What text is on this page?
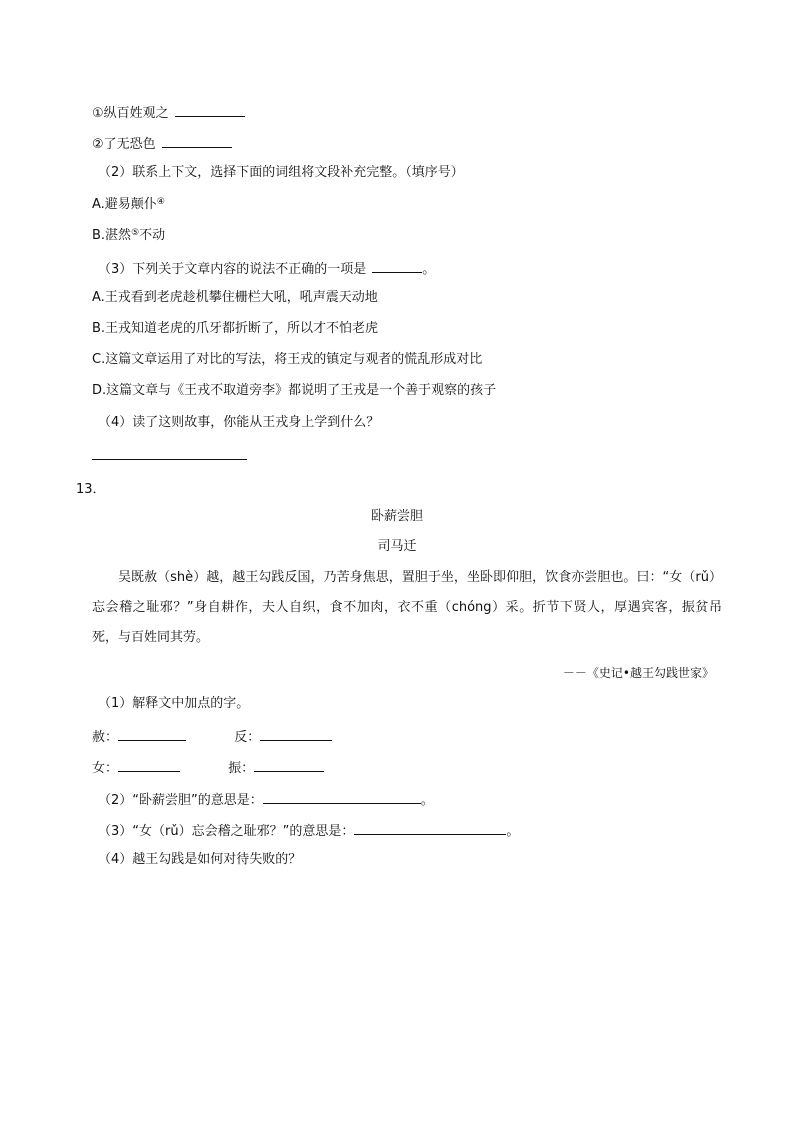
①纵百姓观之
②了无恐色
（2）联系上下文，选择下面的词组将文段补充完整。（填序号）
A.避易颠仆④
B.湛然⑤不动
（3）下列关于文章内容的说法不正确的一项是	。
A.王戎看到老虎趁机攀住栅栏大吼，吼声震天动地
B.王戎知道老虎的爪牙都折断了，所以才不怕老虎
C.这篇文章运用了对比的写法，将王戎的镇定与观者的慌乱形成对比
D.这篇文章与《王戎不取道旁李》都说明了王戎是一个善于观察的孩子
（4）读了这则故事，你能从王戎身上学到什么？
13．
卧薪尝胆
司马迁
吴既赦（shè）越，越王勾践反国，乃苦身焦思，置胆于坐，坐卧即仰胆，饮食亦尝胆也。曰：“女（rǔ）忘会稽之耻邪？”身自耕作，夫人自织，食不加肉，衣不重（chóng）采。折节下贤人，厚遇宾客，振贫吊死，与百姓同其劳。
－－《史记•越王勾践世家》
（1）解释文中加点的字。
赦：	反：
女：	振：
（2）“卧薪尝胆”的意思是：	。
（3）“女（rǔ）忘会稽之耻邪？”的意思是：	。
（4）越王勾践是如何对待失败的？
